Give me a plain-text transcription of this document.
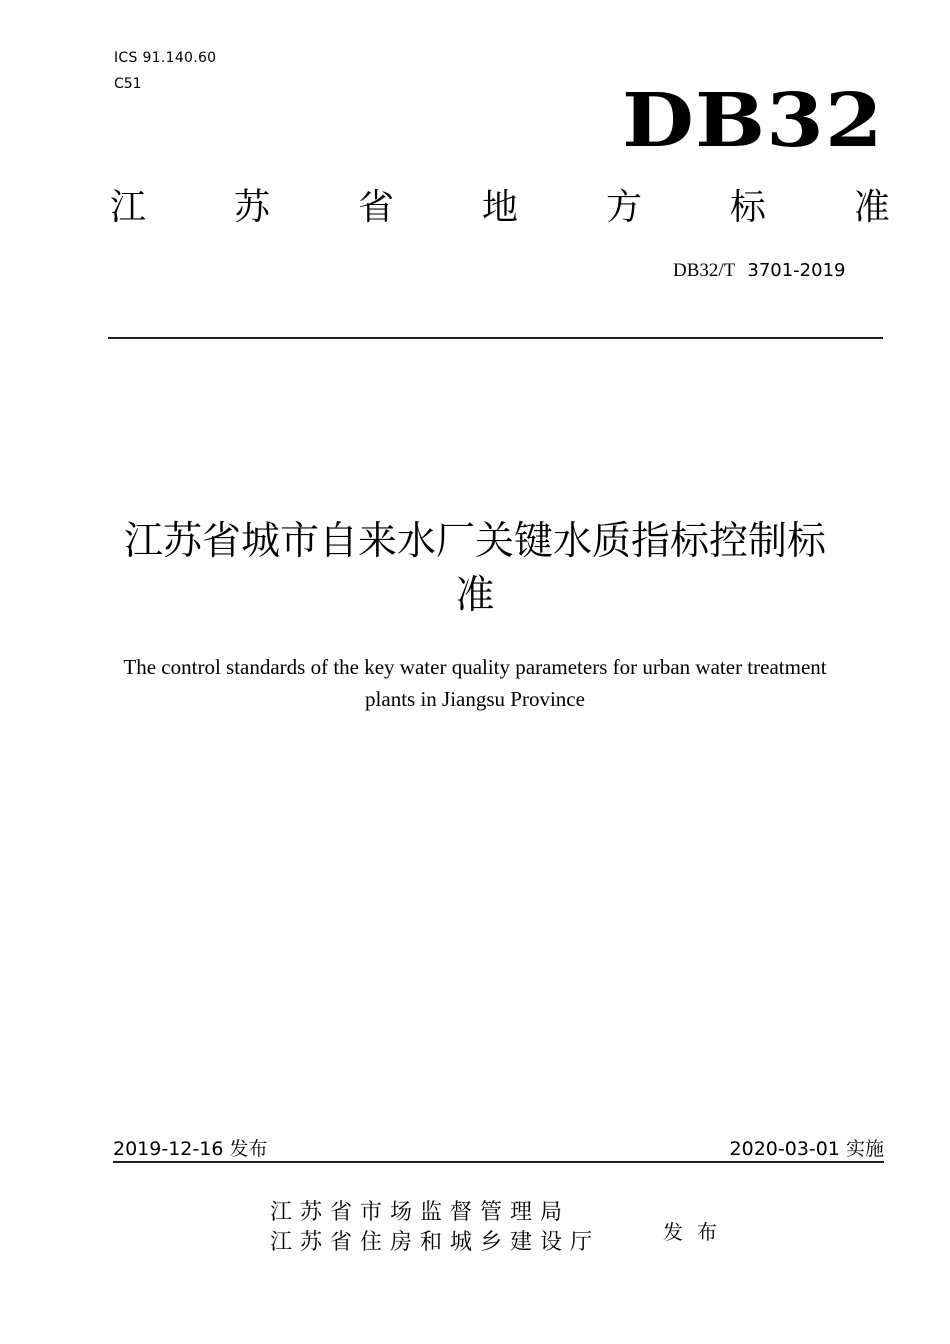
ICS 91.140.60
C51	DB32
江 苏 省 地 方 标 准
DB32/T 3701-2019
江苏省城市自来水厂关键水质指标控制标
准
The control standards of the key water quality parameters for urban water treatment
plants in Jiangsu Province
2019-12-16 发布	2020-03-01 实施
江苏省市场监督管理局
江苏省住房和城乡建设厅	发布
